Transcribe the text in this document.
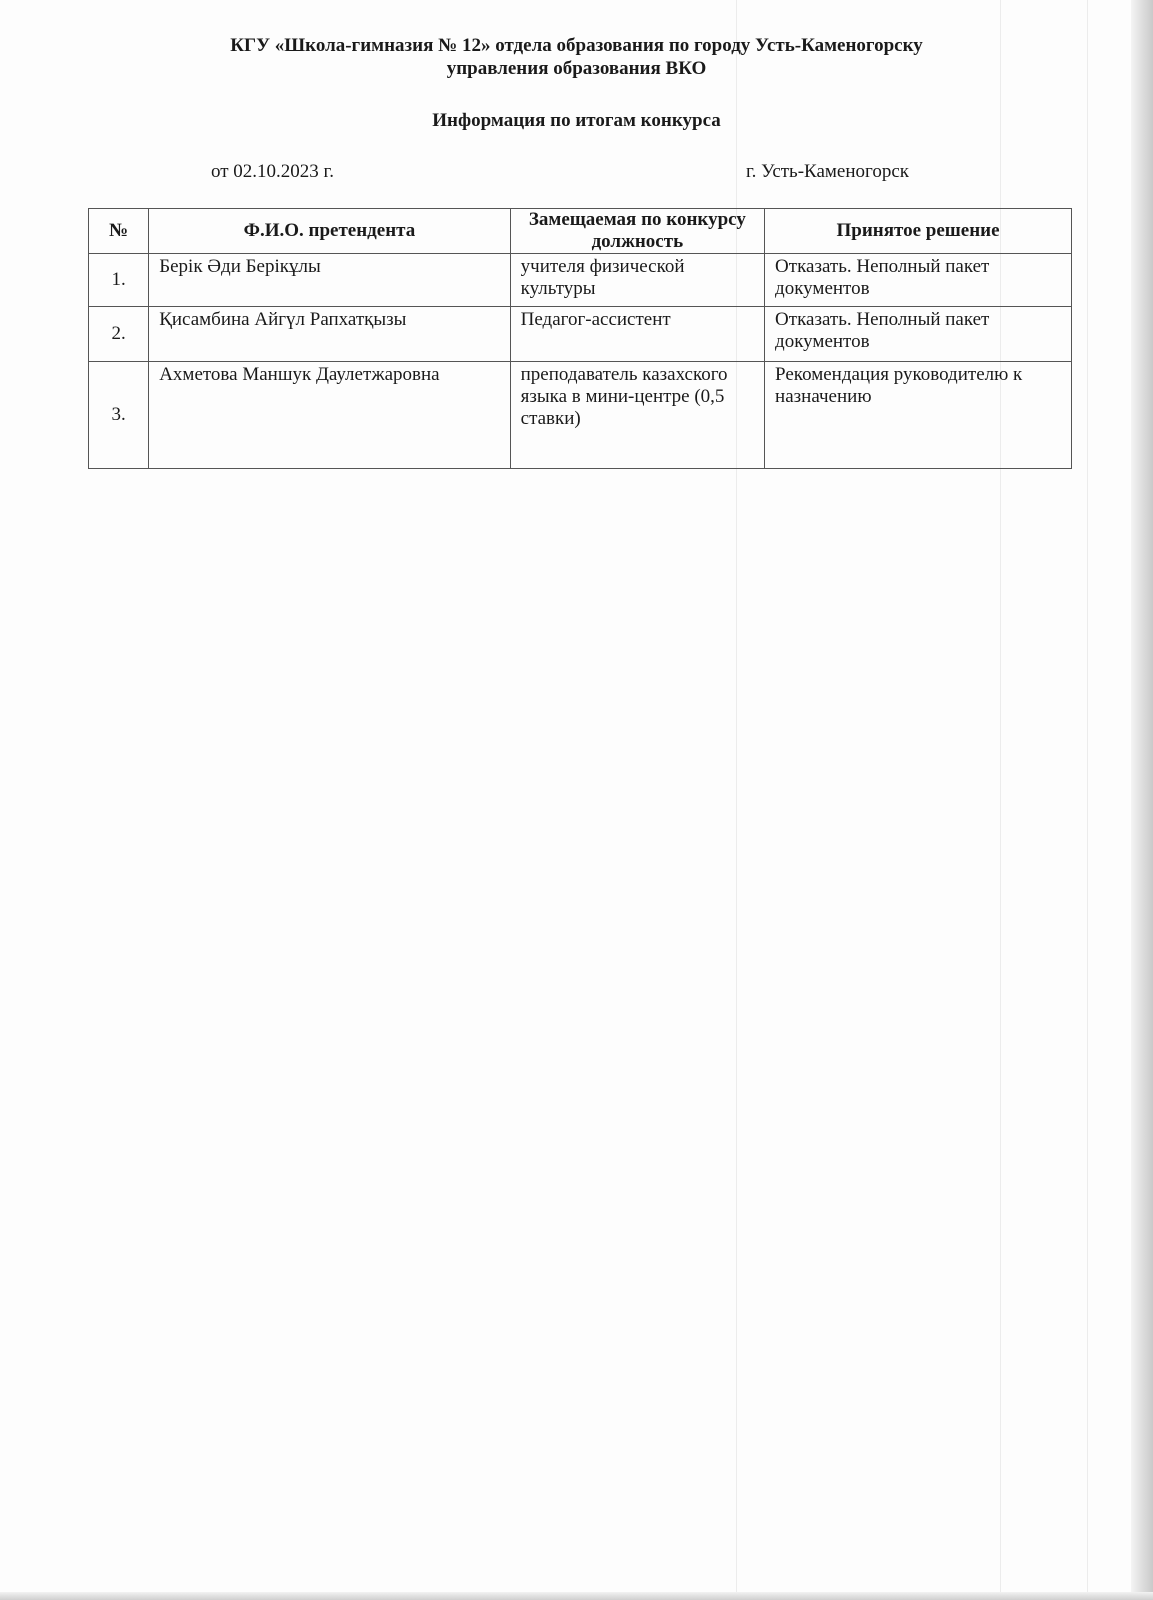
КГУ «Школа-гимназия № 12» отдела образования по городу Усть-Каменогорску
управления образования ВКО
Информация по итогам конкурса
от 02.10.2023 г.	г. Усть-Каменогорск
№	Ф.И.О. претендента	Замещаемая по конкурсу должность	Принятое решение
1.	Берік Әди Берікұлы	учителя физической культуры	Отказать. Неполный пакет документов
2.	Қисамбина Айгүл Рапхатқызы	Педагог-ассистент	Отказать. Неполный пакет документов
3.	Ахметова Маншук Даулетжаровна	преподаватель казахского языка в мини-центре (0,5 ставки)	Рекомендация руководителю к назначению
